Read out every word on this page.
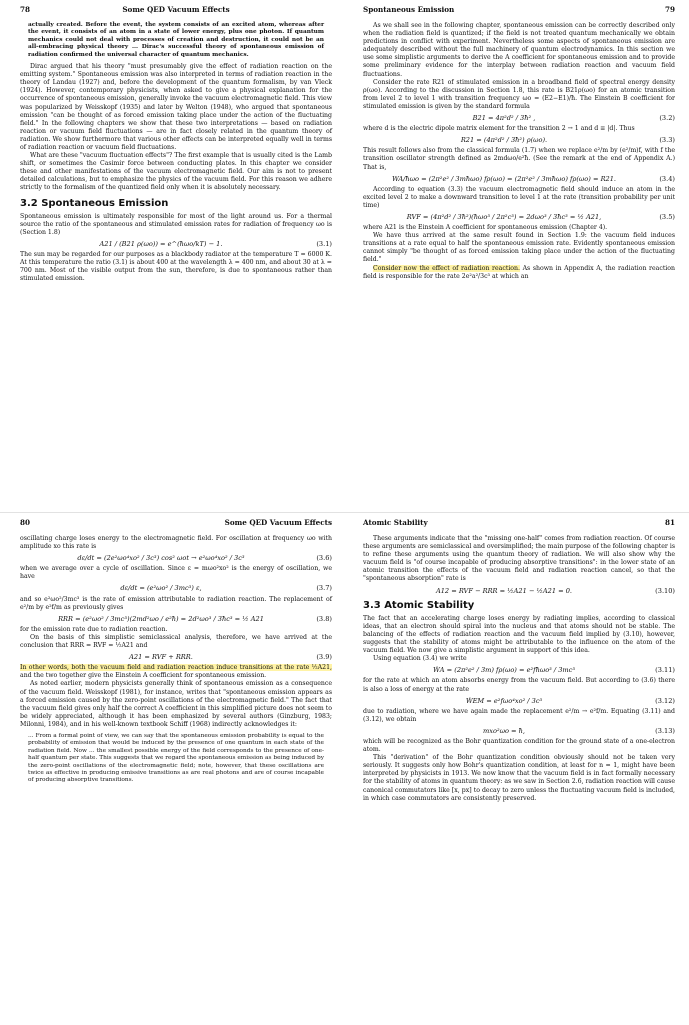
78	Some QED Vacuum Effects

actually created. Before the event, the system consists of an excited atom, whereas after the event, it consists of an atom in a state of lower energy, plus one photon. If quantum mechanics could not deal with processes of creation and destruction, it could not be an all-embracing physical theory ... Dirac's successful theory of spontaneous emission of radiation confirmed the universal character of quantum mechanics.

Dirac argued that his theory "must presumably give the effect of radiation reaction on the emitting system." Spontaneous emission was also interpreted in terms of radiation reaction in the theory of Landau (1927) and, before the development of the quantum formalism, by van Vleck (1924). However, contemporary physicists, when asked to give a physical explanation for the occurrence of spontaneous emission, generally invoke the vacuum electromagnetic field. This view was popularized by Weisskopf (1935) and later by Welton (1948), who argued that spontaneous emission "can be thought of as forced emission taking place under the action of the fluctuating field." In the following chapters we show that these two interpretations — based on radiation reaction or vacuum field fluctuations — are in fact closely related in the quantum theory of radiation. We show furthermore that various other effects can be interpreted equally well in terms of radiation reaction or vacuum field fluctuations.

What are these "vacuum fluctuation effects"? The first example that is usually cited is the Lamb shift, or sometimes the Casimir force between conducting plates. In this chapter we consider these and other manifestations of the vacuum electromagnetic field. Our aim is not to present detailed calculations, but to emphasize the physics of the vacuum field. For this reason we adhere strictly to the formalism of the quantized field only when it is absolutely necessary.

3.2 Spontaneous Emission

Spontaneous emission is ultimately responsible for most of the light around us. For a thermal source the ratio of the spontaneous and stimulated emission rates for radiation of frequency ωo is (Section 1.8)

A21 / (B21 ρ(ωo)) = e^(ħωo/kT) − 1.	(3.1)

The sun may be regarded for our purposes as a blackbody radiator at the temperature T = 6000 K. At this temperature the ratio (3.1) is about 400 at the wavelength λ = 400 nm, and about 30 at λ = 700 nm. Most of the visible output from the sun, therefore, is due to spontaneous rather than stimulated emission.

Spontaneous Emission	79

As we shall see in the following chapter, spontaneous emission can be correctly described only when the radiation field is quantized; if the field is not treated quantum mechanically we obtain predictions in conflict with experiment. Nevertheless some aspects of spontaneous emission are adequately described without the full machinery of quantum electrodynamics. In this section we use some simplistic arguments to derive the A coefficient for spontaneous emission and to provide some preliminary evidence for the interplay between radiation reaction and vacuum field fluctuations.

Consider the rate R21 of stimulated emission in a broadband field of spectral energy density ρ(ωo). According to the discussion in Section 1.8, this rate is B21ρ(ωo) for an atomic transition from level 2 to level 1 with transition frequency ωo = (E2−E1)/ħ. The Einstein B coefficient for stimulated emission is given by the standard formula

B21 = 4π²d² / 3ħ² ,	(3.2)

where d is the electric dipole matrix element for the transition 2 → 1 and d ≡ |d|. Thus

R21 = (4π²d² / 3ħ²) ρ(ωo).	(3.3)

This result follows also from the classical formula (1.7) when we replace e²/m by (e²/m)f, with f the transition oscillator strength defined as 2mdωo/e²ħ. (See the remark at the end of Appendix A.) That is,

WA/ħωo = (2π²e² / 3mħωo) fρ(ωo) = (2π²e² / 3mħωo) fρ(ωo) = R21.	(3.4)

According to equation (3.3) the vacuum electromagnetic field should induce an atom in the excited level 2 to make a downward transition to level 1 at the rate (transition probability per unit time)

RVF = (4π²d² / 3ħ²)(ħωo³ / 2π²c³) = 2dωo³ / 3ħc³ = ½ A21,	(3.5)

where A21 is the Einstein A coefficient for spontaneous emission (Chapter 4).

We have thus arrived at the same result found in Section 1.9: the vacuum field induces transitions at a rate equal to half the spontaneous emission rate. Evidently spontaneous emission cannot simply "be thought of as forced emission taking place under the action of the fluctuating field."

Consider now the effect of radiation reaction. As shown in Appendix A, the radiation reaction field is responsible for the rate 2e²a²/3c³ at which an

80	Some QED Vacuum Effects

oscillating charge loses energy to the electromagnetic field. For oscillation at frequency ωo with amplitude xo this rate is

dε/dt = (2e²ωo⁴xo² / 3c³) cos² ωot → e²ωo⁴xo² / 3c³	(3.6)

when we average over a cycle of oscillation. Since ε = mωo²xo² is the energy of oscillation, we have

dε/dt = (e²ωo² / 3mc³) ε,	(3.7)

and so e²ωo²/3mc³ is the rate of emission attributable to radiation reaction. The replacement of e²/m by e²f/m as previously gives

RRR = (e²ωo² / 3mc³)(2md²ωo / e²ħ) = 2d²ωo³ / 3ħc³ = ½ A21	(3.8)

for the emission rate due to radiation reaction.

On the basis of this simplistic semiclassical analysis, therefore, we have arrived at the conclusion that RRR = RVF = ½A21 and

A21 = RVF + RRR.	(3.9)

In other words, both the vacuum field and radiation reaction induce transitions at the rate ½A21, and the two together give the Einstein A coefficient for spontaneous emission.

As noted earlier, modern physicists generally think of spontaneous emission as a consequence of the vacuum field. Weisskopf (1981), for instance, writes that "spontaneous emission appears as a forced emission caused by the zero-point oscillations of the electromagnetic field." The fact that the vacuum field gives only half the correct A coefficient in this simplified picture does not seem to be widely appreciated, although it has been emphasized by several authors (Ginzburg, 1983; Milonni, 1984), and in his well-known textbook Schiff (1968) indirectly acknowledges it:

... From a formal point of view, we can say that the spontaneous emission probability is equal to the probability of emission that would be induced by the presence of one quantum in each state of the radiation field. Now ... the smallest possible energy of the field corresponds to the presence of one-half quantum per state. This suggests that we regard the spontaneous emission as being induced by the zero-point oscillations of the electromagnetic field; note, however, that these oscillations are twice as effective in producing emissive transitions as are real photons and are of course incapable of producing absorptive transitions.

Atomic Stability	81

These arguments indicate that the "missing one-half" comes from radiation reaction. Of course these arguments are semiclassical and oversimplified; the main purpose of the following chapter is to refine these arguments using the quantum theory of radiation. We will also show why the vacuum field is "of course incapable of producing absorptive transitions": in the lower state of an atomic transition the effects of the vacuum field and radiation reaction cancel, so that the "spontaneous absorption" rate is

A12 = RVF − RRR = ½A21 − ½A21 = 0.	(3.10)
3.3 Atomic Stability

The fact that an accelerating charge loses energy by radiating implies, according to classical ideas, that an electron should spiral into the nucleus and that atoms should not be stable. The balancing of the effects of radiation reaction and the vacuum field implied by (3.10), however, suggests that the stability of atoms might be attributable to the influence on the atom of the vacuum field. We now give a simplistic argument in support of this idea.

Using equation (3.4) we write

ẆA = (2π²e² / 3m) fρ(ωo) = e²fħωo³ / 3mc³	(3.11)

for the rate at which an atom absorbs energy from the vacuum field. But according to (3.6) there is also a loss of energy at the rate

ẆEM = e²fωo⁴xo² / 3c³	(3.12)

due to radiation, where we have again made the replacement e²/m → e²f/m. Equating (3.11) and (3.12), we obtain

mxo²ωo = ħ,	(3.13)

which will be recognized as the Bohr quantization condition for the ground state of a one-electron atom.

This "derivation" of the Bohr quantization condition obviously should not be taken very seriously. It suggests only how Bohr's quantization condition, at least for n = 1, might have been interpreted by physicists in 1913. We now know that the vacuum field is in fact formally necessary for the stability of atoms in quantum theory: as we saw in Section 2.6, radiation reaction will cause canonical commutators like [x, px] to decay to zero unless the fluctuating vacuum field is included, in which case commutators are consistently preserved.
